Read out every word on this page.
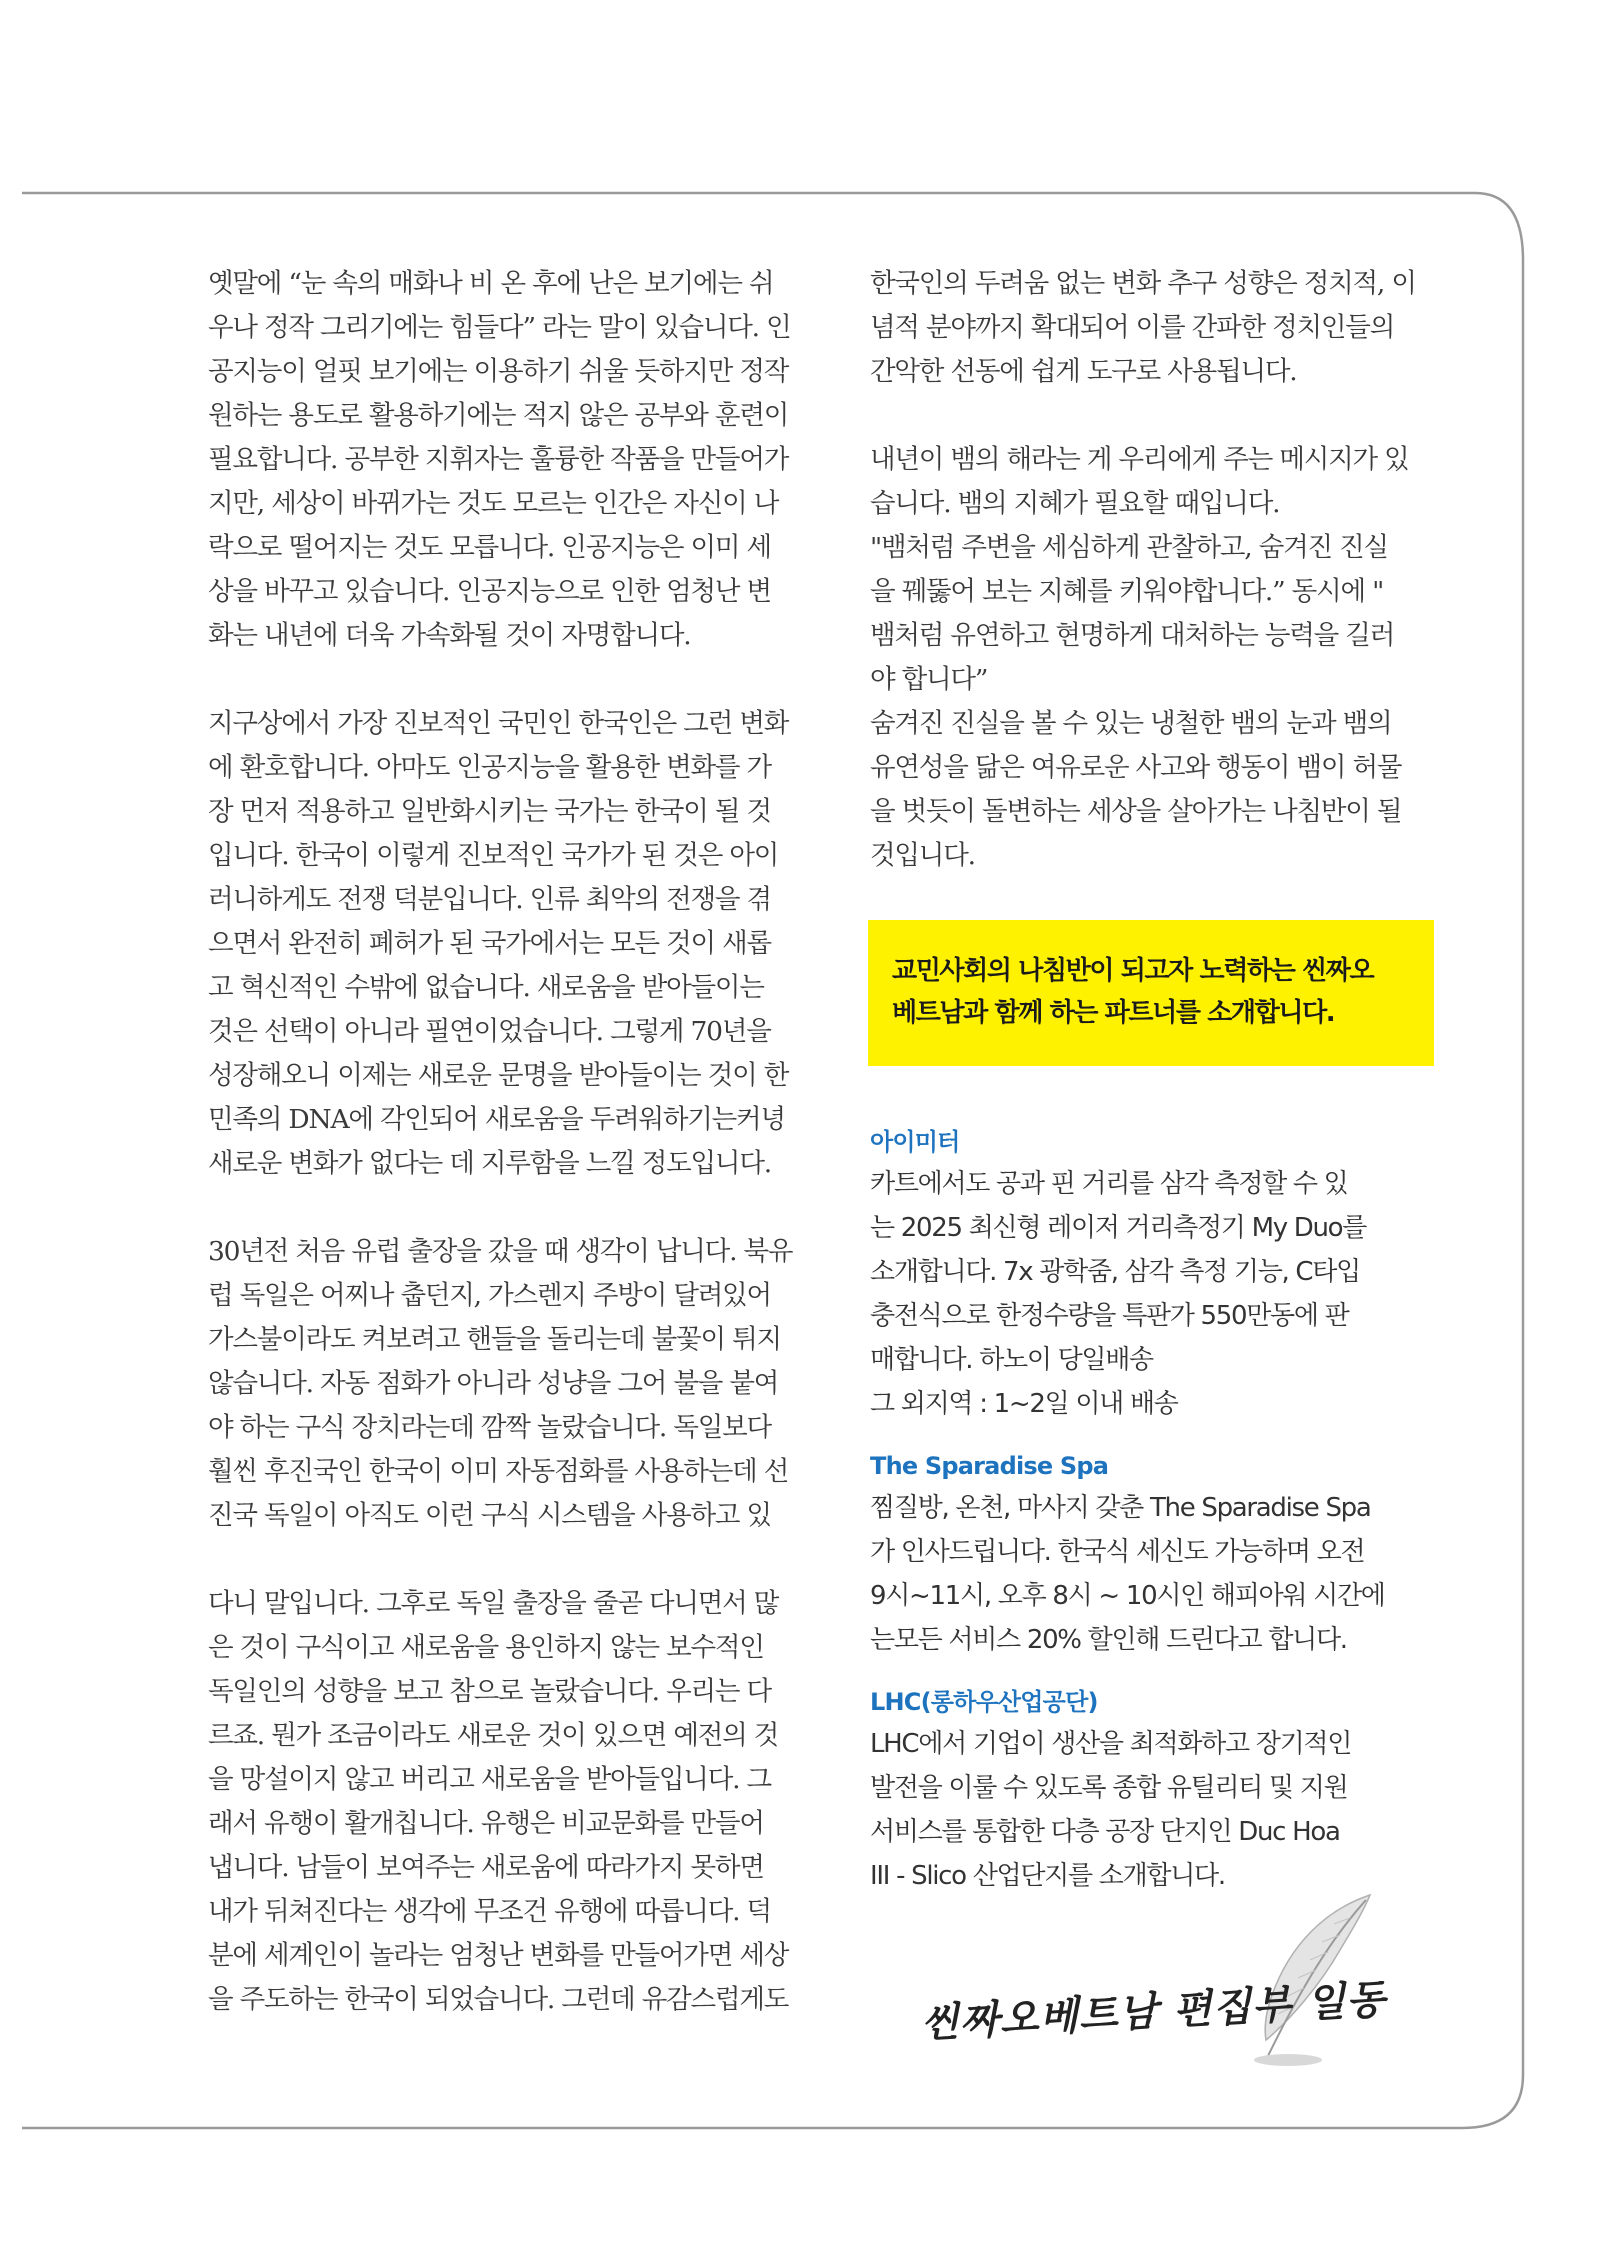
옛말에 “눈 속의 매화나 비 온 후에 난은 보기에는 쉬
우나 정작 그리기에는 힘들다” 라는 말이 있습니다. 인
공지능이 얼핏 보기에는 이용하기 쉬울 듯하지만 정작
원하는 용도로 활용하기에는 적지 않은 공부와 훈련이
필요합니다. 공부한 지휘자는 훌륭한 작품을 만들어가
지만, 세상이 바뀌가는 것도 모르는 인간은 자신이 나
락으로 떨어지는 것도 모릅니다. 인공지능은 이미 세
상을 바꾸고 있습니다. 인공지능으로 인한 엄청난 변
화는 내년에 더욱 가속화될 것이 자명합니다.

지구상에서 가장 진보적인 국민인 한국인은 그런 변화
에 환호합니다. 아마도 인공지능을 활용한 변화를 가
장 먼저 적용하고 일반화시키는 국가는 한국이 될 것
입니다. 한국이 이렇게 진보적인 국가가 된 것은 아이
러니하게도 전쟁 덕분입니다. 인류 최악의 전쟁을 겪
으면서 완전히 폐허가 된 국가에서는 모든 것이 새롭
고 혁신적인 수밖에 없습니다. 새로움을 받아들이는
것은 선택이 아니라 필연이었습니다. 그렇게 70년을
성장해오니 이제는 새로운 문명을 받아들이는 것이 한
민족의 DNA에 각인되어 새로움을 두려워하기는커녕
새로운 변화가 없다는 데 지루함을 느낄 정도입니다.

30년전 처음 유럽 출장을 갔을 때 생각이 납니다. 북유
럽 독일은 어찌나 춥던지, 가스렌지 주방이 달려있어
가스불이라도 켜보려고 핸들을 돌리는데 불꽃이 튀지
않습니다. 자동 점화가 아니라 성냥을 그어 불을 붙여
야 하는 구식 장치라는데 깜짝 놀랐습니다. 독일보다
훨씬 후진국인 한국이 이미 자동점화를 사용하는데 선
진국 독일이 아직도 이런 구식 시스템을 사용하고 있

다니 말입니다. 그후로 독일 출장을 줄곧 다니면서 많
은 것이 구식이고 새로움을 용인하지 않는 보수적인
독일인의 성향을 보고 참으로 놀랐습니다. 우리는 다
르죠. 뭔가 조금이라도 새로운 것이 있으면 예전의 것
을 망설이지 않고 버리고 새로움을 받아들입니다. 그
래서 유행이 활개칩니다. 유행은 비교문화를 만들어
냅니다. 남들이 보여주는 새로움에 따라가지 못하면
내가 뒤쳐진다는 생각에 무조건 유행에 따릅니다. 덕
분에 세계인이 놀라는 엄청난 변화를 만들어가면 세상
을 주도하는 한국이 되었습니다. 그런데 유감스럽게도

한국인의 두려움 없는 변화 추구 성향은 정치적, 이
념적 분야까지 확대되어 이를 간파한 정치인들의
간악한 선동에 쉽게 도구로 사용됩니다.

내년이 뱀의 해라는 게 우리에게 주는 메시지가 있
습니다. 뱀의 지혜가 필요할 때입니다.
"뱀처럼 주변을 세심하게 관찰하고, 숨겨진 진실
을 꿰뚫어 보는 지혜를 키워야합니다.” 동시에 "
뱀처럼 유연하고 현명하게 대처하는 능력을 길러
야 합니다”
숨겨진 진실을 볼 수 있는 냉철한 뱀의 눈과 뱀의
유연성을 닮은 여유로운 사고와 행동이 뱀이 허물
을 벗듯이 돌변하는 세상을 살아가는 나침반이 될
것입니다.

교민사회의 나침반이 되고자 노력하는 씬짜오
베트남과 함께 하는 파트너를 소개합니다.

아이미터

카트에서도 공과 핀 거리를 삼각 측정할 수 있
는 2025 최신형 레이저 거리측정기 My Duo를
소개합니다. 7x 광학줌, 삼각 측정 기능, C타입
충전식으로 한정수량을 특판가 550만동에 판
매합니다. 하노이 당일배송
그 외지역 : 1~2일 이내 배송

The Sparadise Spa

찜질방, 온천, 마사지 갖춘 The Sparadise Spa
가 인사드립니다. 한국식 세신도 가능하며 오전
9시~11시, 오후 8시 ~ 10시인 해피아워 시간에
는모든 서비스 20% 할인해 드린다고 합니다.

LHC(롱하우산업공단)

LHC에서 기업이 생산을 최적화하고 장기적인
발전을 이룰 수 있도록 종합 유틸리티 및 지원
서비스를 통합한 다층 공장 단지인 Duc Hoa
III - Slico 산업단지를 소개합니다.

씬짜오베트남 편집부 일동
